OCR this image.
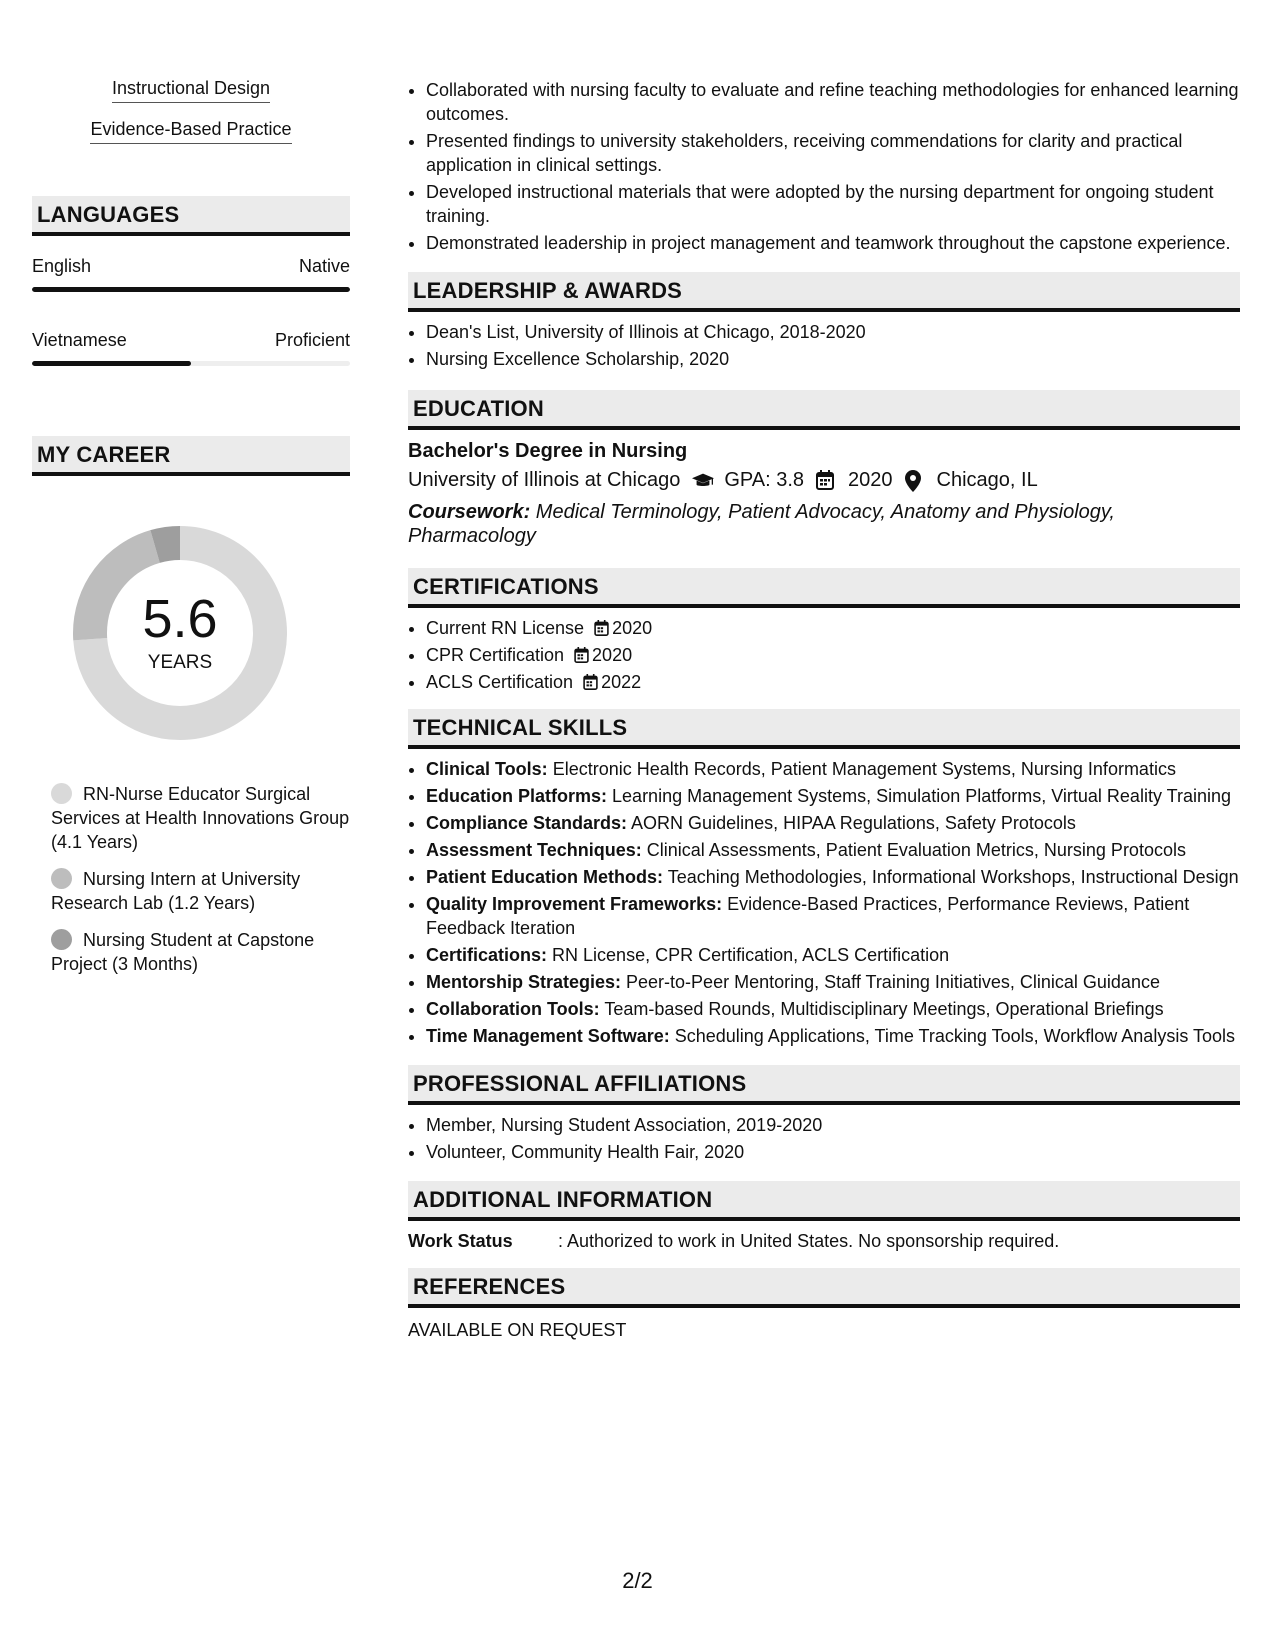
Instructional Design
Evidence-Based Practice
LANGUAGES
English	Native
Vietnamese	Proficient
MY CAREER
5.6
YEARS
RN-Nurse Educator Surgical Services at Health Innovations Group (4.1 Years)
Nursing Intern at University Research Lab (1.2 Years)
Nursing Student at Capstone Project (3 Months)
• Collaborated with nursing faculty to evaluate and refine teaching methodologies for enhanced learning outcomes.
• Presented findings to university stakeholders, receiving commendations for clarity and practical application in clinical settings.
• Developed instructional materials that were adopted by the nursing department for ongoing student training.
• Demonstrated leadership in project management and teamwork throughout the capstone experience.
LEADERSHIP & AWARDS
• Dean's List, University of Illinois at Chicago, 2018-2020
• Nursing Excellence Scholarship, 2020
EDUCATION
Bachelor's Degree in Nursing
University of Illinois at Chicago GPA: 3.8 2020 Chicago, IL
Coursework: Medical Terminology, Patient Advocacy, Anatomy and Physiology, Pharmacology
CERTIFICATIONS
• Current RN License 2020
• CPR Certification 2020
• ACLS Certification 2022
TECHNICAL SKILLS
• Clinical Tools: Electronic Health Records, Patient Management Systems, Nursing Informatics
• Education Platforms: Learning Management Systems, Simulation Platforms, Virtual Reality Training
• Compliance Standards: AORN Guidelines, HIPAA Regulations, Safety Protocols
• Assessment Techniques: Clinical Assessments, Patient Evaluation Metrics, Nursing Protocols
• Patient Education Methods: Teaching Methodologies, Informational Workshops, Instructional Design
• Quality Improvement Frameworks: Evidence-Based Practices, Performance Reviews, Patient Feedback Iteration
• Certifications: RN License, CPR Certification, ACLS Certification
• Mentorship Strategies: Peer-to-Peer Mentoring, Staff Training Initiatives, Clinical Guidance
• Collaboration Tools: Team-based Rounds, Multidisciplinary Meetings, Operational Briefings
• Time Management Software: Scheduling Applications, Time Tracking Tools, Workflow Analysis Tools
PROFESSIONAL AFFILIATIONS
• Member, Nursing Student Association, 2019-2020
• Volunteer, Community Health Fair, 2020
ADDITIONAL INFORMATION
Work Status	: Authorized to work in United States. No sponsorship required.
REFERENCES
AVAILABLE ON REQUEST
2/2
